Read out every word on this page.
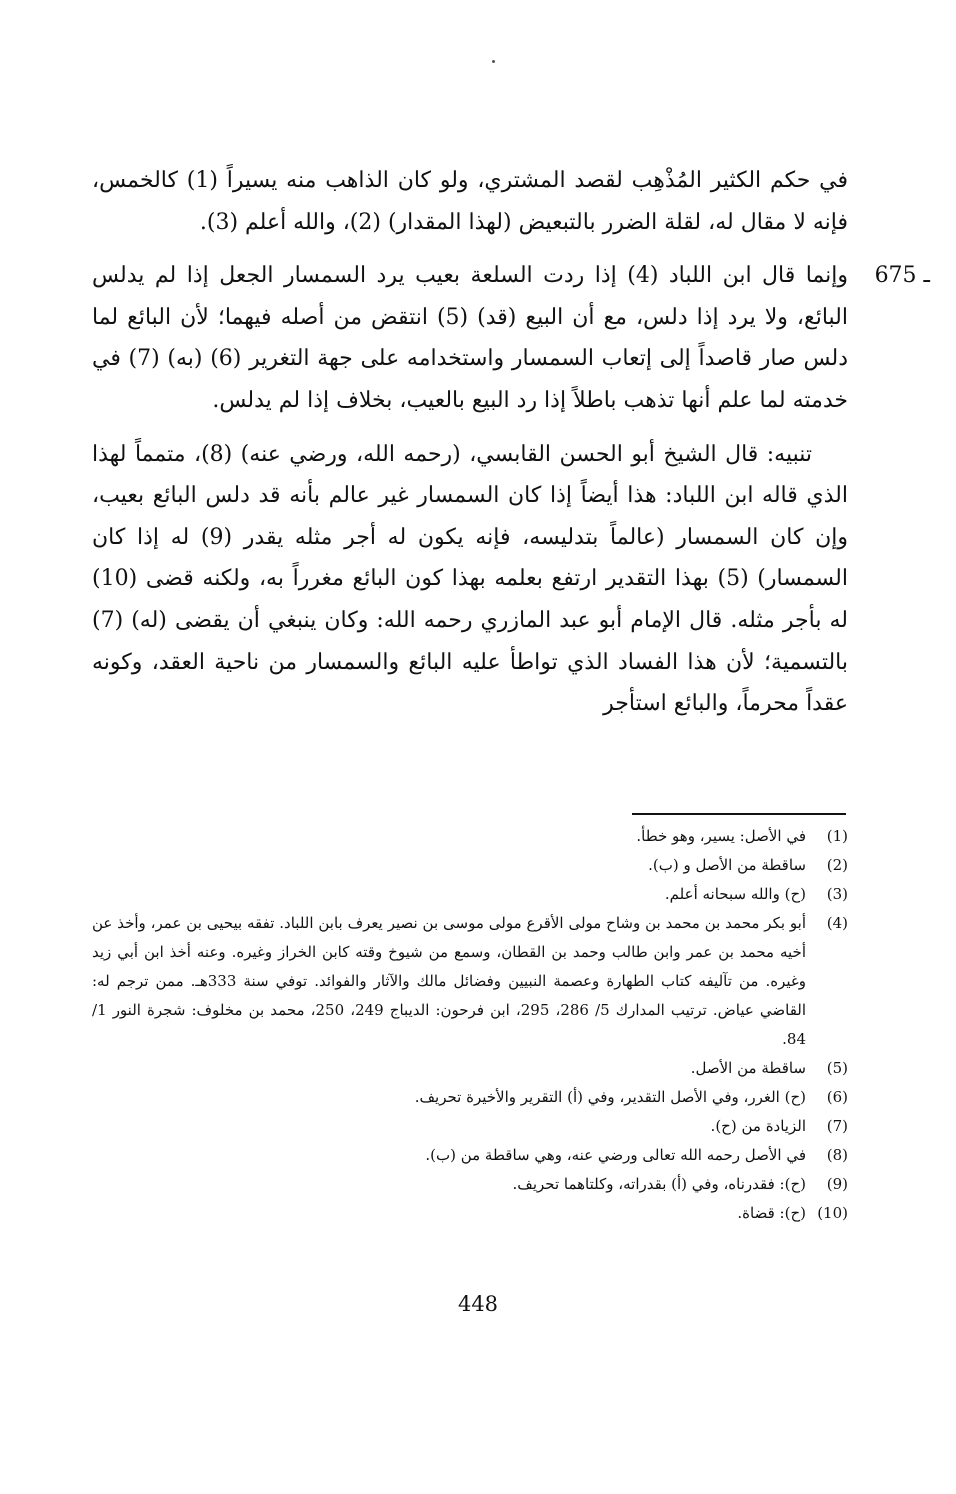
في حكم الكثير المُذْهِب لقصد المشتري، ولو كان الذاهب منه يسيراً (1) كالخمس، فإنه لا مقال له، لقلة الضرر بالتبعيض (لهذا المقدار) (2)، والله أعلم (3).

675 ـ

وإنما قال ابن اللباد (4) إذا ردت السلعة بعيب يرد السمسار الجعل إذا لم يدلس البائع، ولا يرد إذا دلس، مع أن البيع (قد) (5) انتقض من أصله فيهما؛ لأن البائع لما دلس صار قاصداً إلى إتعاب السمسار واستخدامه على جهة التغرير (6) (به) (7) في خدمته لما علم أنها تذهب باطلاً إذا رد البيع بالعيب، بخلاف إذا لم يدلس.

تنبيه: قال الشيخ أبو الحسن القابسي، (رحمه الله، ورضي عنه) (8)، متمماً لهذا الذي قاله ابن اللباد: هذا أيضاً إذا كان السمسار غير عالم بأنه قد دلس البائع بعيب، وإن كان السمسار (عالماً بتدليسه، فإنه يكون له أجر مثله يقدر (9) له إذا كان السمسار) (5) بهذا التقدير ارتفع بعلمه بهذا كون البائع مغرراً به، ولكنه قضى (10) له بأجر مثله. قال الإمام أبو عبد المازري رحمه الله: وكان ينبغي أن يقضى (له) (7) بالتسمية؛ لأن هذا الفساد الذي تواطأ عليه البائع والسمسار من ناحية العقد، وكونه عقداً محرماً، والبائع استأجر

(1)
في الأصل: يسير، وهو خطأ.
(2)
ساقطة من الأصل و (ب).
(3)
(ح) والله سبحانه أعلم.
(4)
أبو بكر محمد بن محمد بن وشاح مولى الأقرع مولى موسى بن نصير يعرف بابن اللباد. تفقه بيحيى بن عمر، وأخذ عن أخيه محمد بن عمر وابن طالب وحمد بن القطان، وسمع من شيوخ وقته كابن الخراز وغيره. وعنه أخذ ابن أبي زيد وغيره. من تآليفه كتاب الطهارة وعصمة النبيين وفضائل مالك والآثار والفوائد. توفي سنة 333هـ. ممن ترجم له: القاضي عياض. ترتيب المدارك 5/ 286، 295، ابن فرحون: الديباج 249، 250، محمد بن مخلوف: شجرة النور 1/ 84.
(5)
ساقطة من الأصل.
(6)
(ح) الغرر، وفي الأصل التقدير، وفي (أ) التقرير والأخيرة تحريف.
(7)
الزيادة من (ح).
(8)
في الأصل رحمه الله تعالى ورضي عنه، وهي ساقطة من (ب).
(9)
(ح): فقدرناه، وفي (أ) بقدراته، وكلتاهما تحريف.
(10)
(ح): قضاة.
448
